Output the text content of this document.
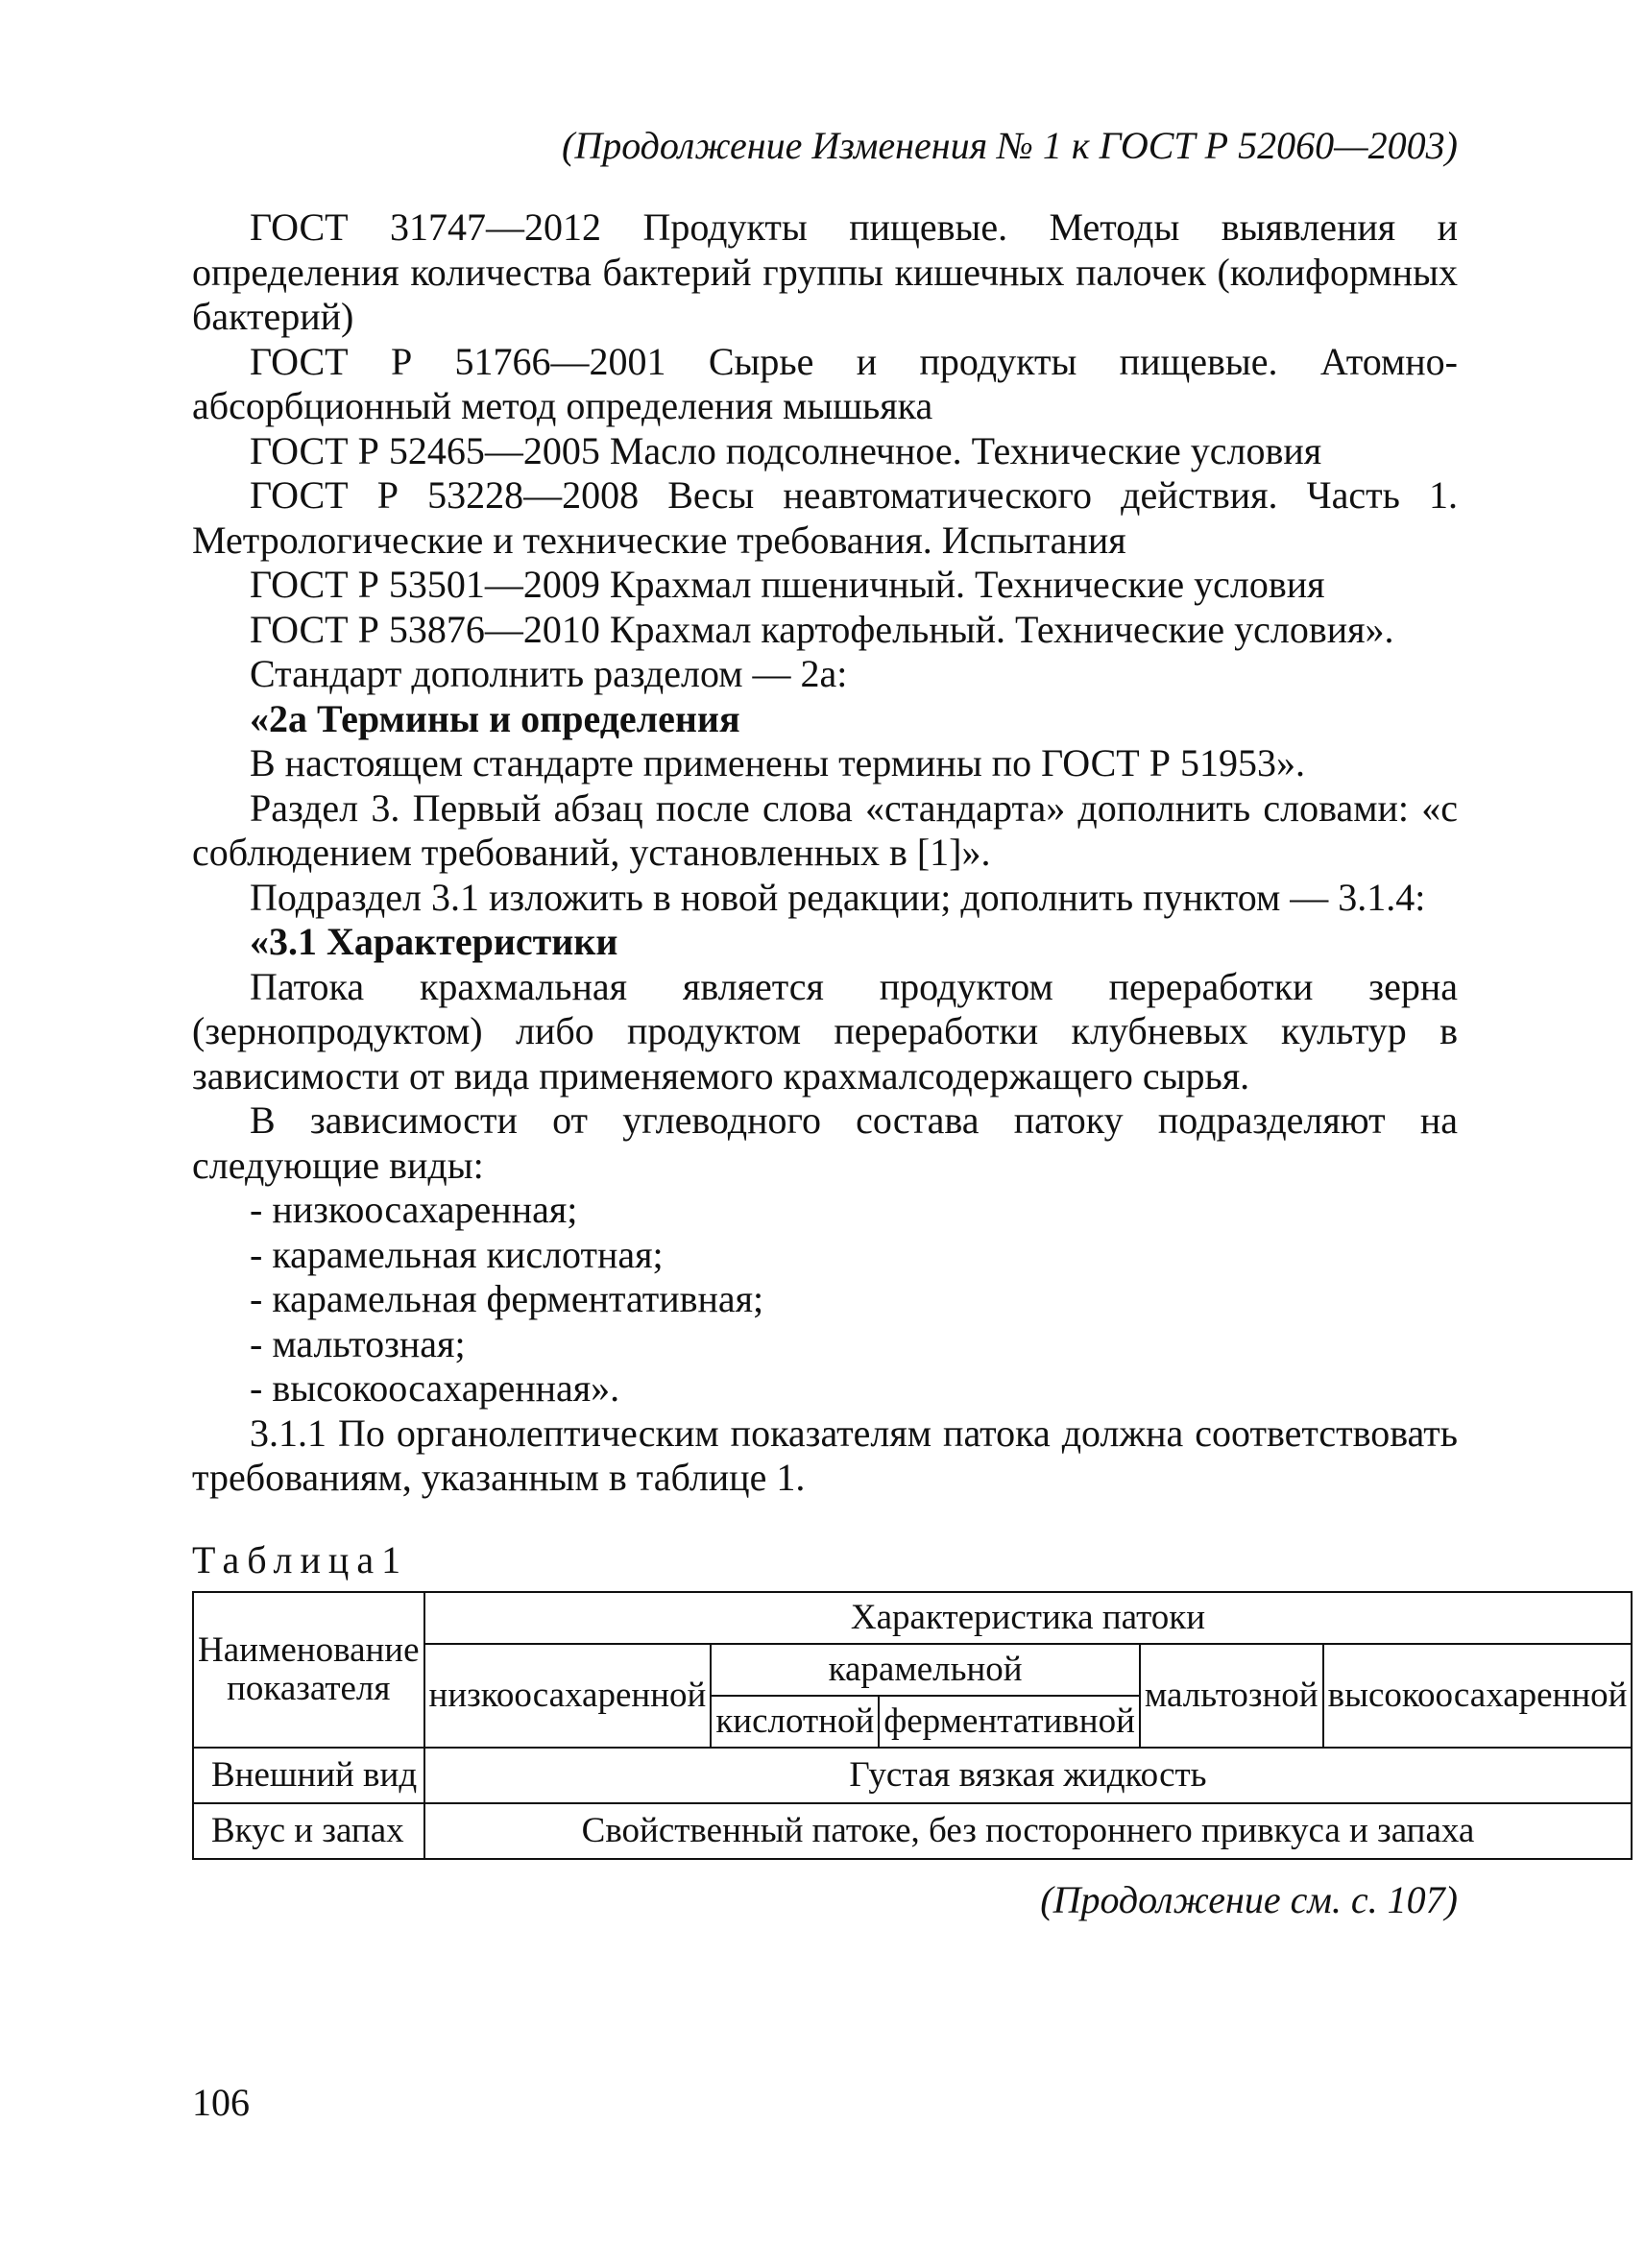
(Продолжение Изменения № 1 к ГОСТ Р 52060—2003)

ГОСТ 31747—2012 Продукты пищевые. Методы выявления и определения количества бактерий группы кишечных палочек (колиформных бактерий)

ГОСТ Р 51766—2001 Сырье и продукты пищевые. Атомно-абсорбционный метод определения мышьяка

ГОСТ Р 52465—2005 Масло подсолнечное. Технические условия

ГОСТ Р 53228—2008 Весы неавтоматического действия. Часть 1. Метрологические и технические требования. Испытания

ГОСТ Р 53501—2009 Крахмал пшеничный. Технические условия

ГОСТ Р 53876—2010 Крахмал картофельный. Технические условия».

Стандарт дополнить разделом — 2а:

«2а Термины и определения

В настоящем стандарте применены термины по ГОСТ Р 51953».

Раздел 3. Первый абзац после слова «стандарта» дополнить словами: «с соблюдением требований, установленных в [1]».

Подраздел 3.1 изложить в новой редакции; дополнить пунктом — 3.1.4:

«3.1 Характеристики

Патока крахмальная является продуктом переработки зерна (зернопродуктом) либо продуктом переработки клубневых культур в зависимости от вида применяемого крахмалсодержащего сырья.

В зависимости от углеводного состава патоку подразделяют на следующие виды:

- низкоосахаренная;

- карамельная кислотная;

- карамельная ферментативная;

- мальтозная;

- высокоосахаренная».

3.1.1 По органолептическим показателям патока должна соответствовать требованиям, указанным в таблице 1.

Таблица1
Наименование показателя	Характеристика патоки				
	низкоосахаренной	карамельной		мальтозной	высокоосахаренной
		кислотной	ферментативной		
Внешний вид	Густая вязкая жидкость				
Вкус и запах	Свойственный патоке, без постороннего привкуса и запаха				
(Продолжение см. с. 107)
106
